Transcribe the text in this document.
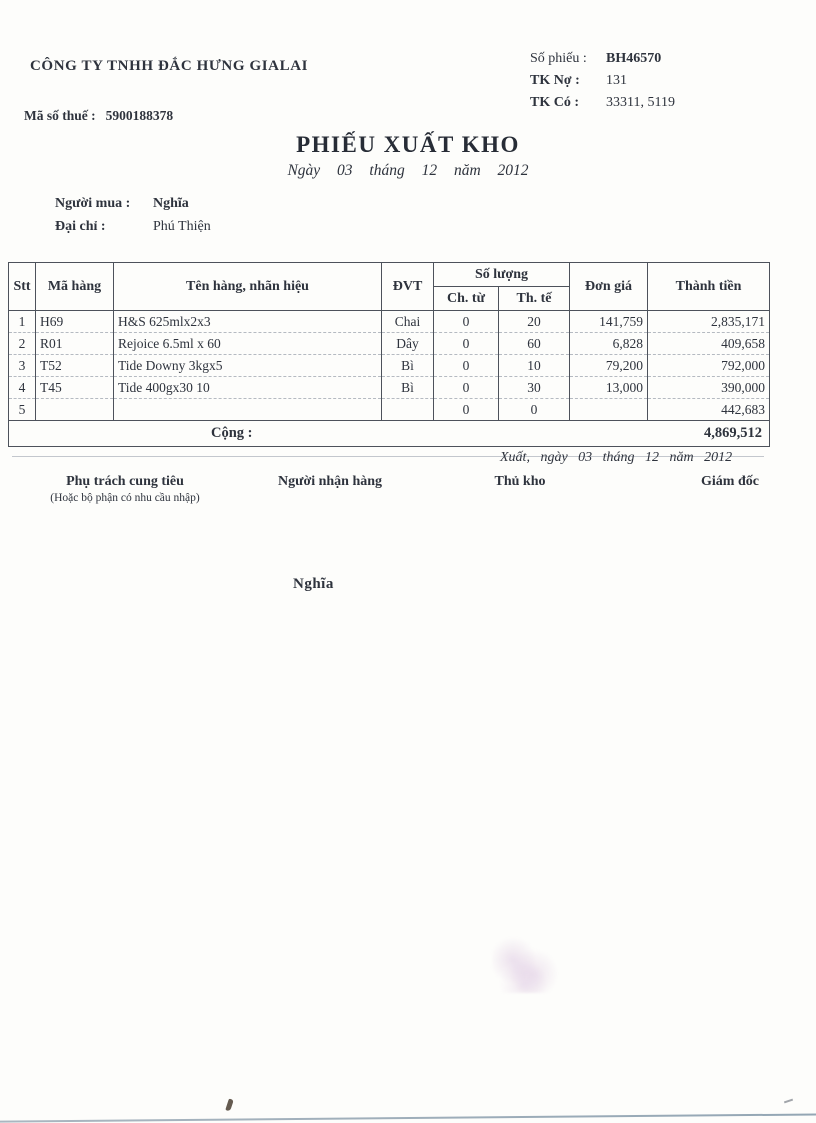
CÔNG TY TNHH ĐẮC HƯNG GIALAI
Mã số thuế : 5900188378
Số phiếu :	BH46570
TK Nợ :	131
TK Có :	33311, 5119
PHIẾU XUẤT KHO
Ngày 03 tháng 12 năm 2012
Người mua : Nghĩa
Đại chỉ :	Phú Thiện
Stt	Mã hàng	Tên hàng, nhãn hiệu	ĐVT	Số lượng		Đơn giá	Thành tiền
				Ch. từ	Th. tế		
1	H69	H&S 625mlx2x3	Chai	0	20	141,759	2,835,171
2	R01	Rejoice 6.5ml x 60	Dây	0	60	6,828	409,658
3	T52	Tide Downy 3kgx5	Bì	0	10	79,200	792,000
4	T45	Tide 400gx30 10	Bì	0	30	13,000	390,000
5				0	0		442,683

Cộng : 4,869,512							
Xuất, ngày 03 tháng 12 năm 2012
Phụ trách cung tiêu
(Hoặc bộ phận có nhu cầu nhập)
Người nhận hàng	Thủ kho	Giám đốc
Nghĩa
